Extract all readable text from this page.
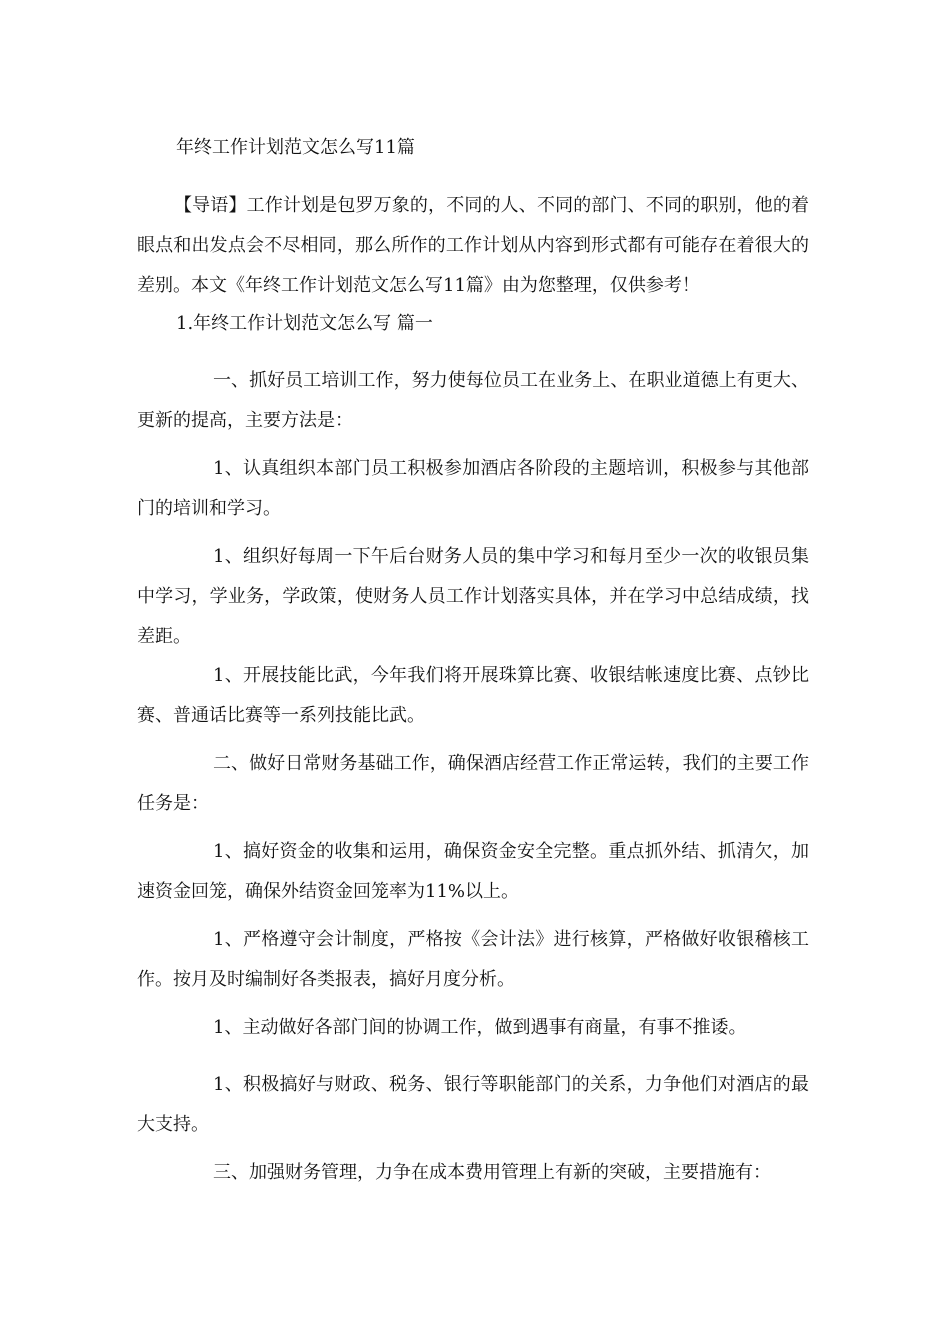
年终工作计划范文怎么写11篇

【导语】工作计划是包罗万象的，不同的人、不同的部门、不同的职别，他的着眼点和出发点会不尽相同，那么所作的工作计划从内容到形式都有可能存在着很大的差别。本文《年终工作计划范文怎么写11篇》由为您整理，仅供参考！

1.年终工作计划范文怎么写 篇一

一、抓好员工培训工作，努力使每位员工在业务上、在职业道德上有更大、更新的提高，主要方法是：

1、认真组织本部门员工积极参加酒店各阶段的主题培训，积极参与其他部门的培训和学习。

1、组织好每周一下午后台财务人员的集中学习和每月至少一次的收银员集中学习，学业务，学政策，使财务人员工作计划落实具体，并在学习中总结成绩，找差距。

1、开展技能比武，今年我们将开展珠算比赛、收银结帐速度比赛、点钞比赛、普通话比赛等一系列技能比武。

二、做好日常财务基础工作，确保酒店经营工作正常运转，我们的主要工作任务是：

1、搞好资金的收集和运用，确保资金安全完整。重点抓外结、抓清欠，加速资金回笼，确保外结资金回笼率为11%以上。

1、严格遵守会计制度，严格按《会计法》进行核算，严格做好收银稽核工作。按月及时编制好各类报表，搞好月度分析。

1、主动做好各部门间的协调工作，做到遇事有商量，有事不推诿。

1、积极搞好与财政、税务、银行等职能部门的关系，力争他们对酒店的最大支持。

三、加强财务管理，力争在成本费用管理上有新的突破，主要措施有：
